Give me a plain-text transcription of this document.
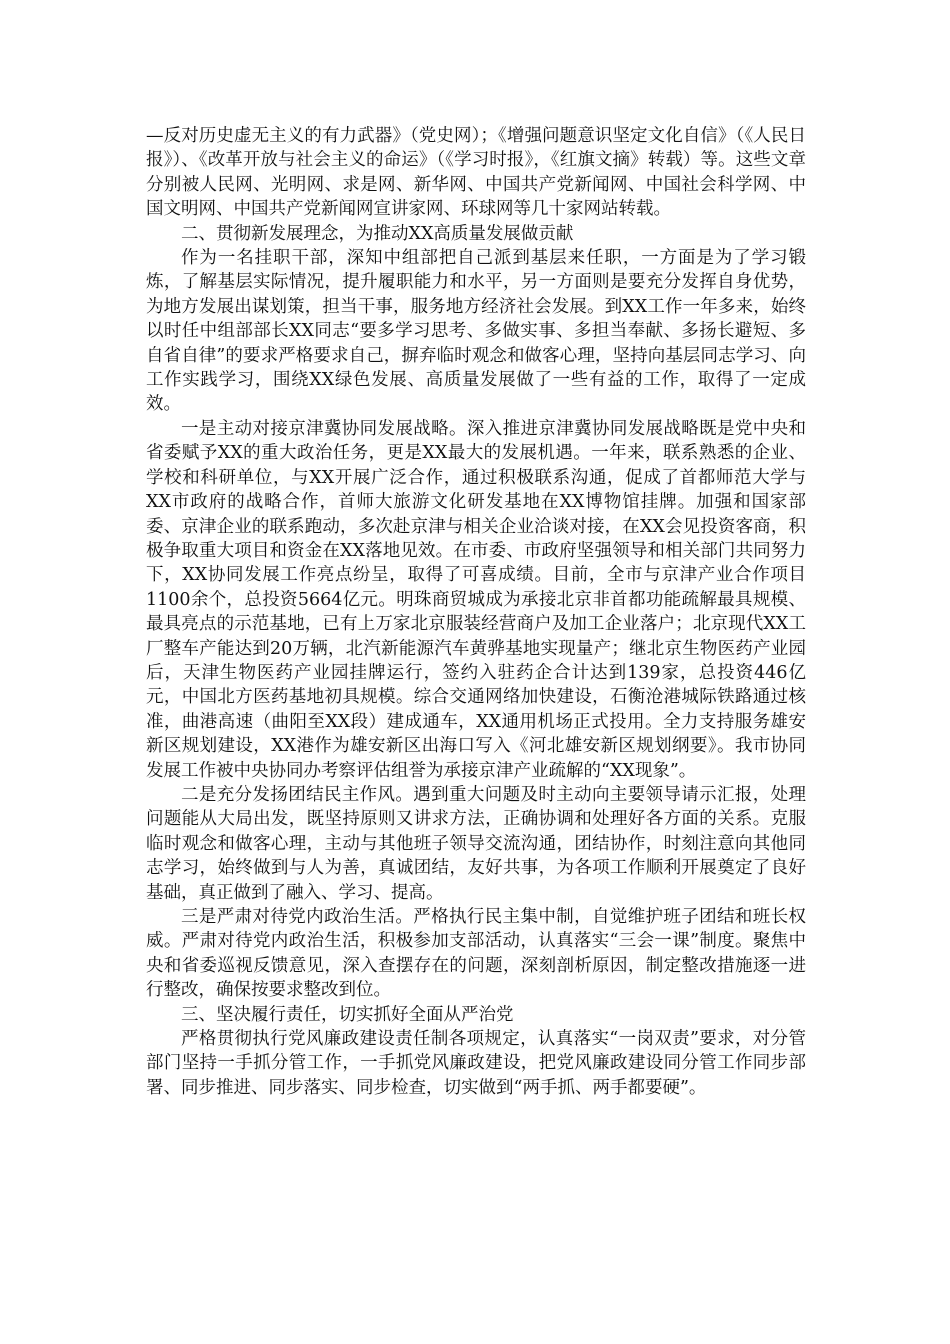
—反对历史虚无主义的有力武器》（党史网）；《增强问题意识坚定文化自信》（《人民日报》）、《改革开放与社会主义的命运》（《学习时报》，《红旗文摘》转载）等。这些文章分别被人民网、光明网、求是网、新华网、中国共产党新闻网、中国社会科学网、中国文明网、中国共产党新闻网宣讲家网、环球网等几十家网站转载。

二、贯彻新发展理念，为推动XX高质量发展做贡献

作为一名挂职干部，深知中组部把自己派到基层来任职，一方面是为了学习锻炼，了解基层实际情况，提升履职能力和水平，另一方面则是要充分发挥自身优势，为地方发展出谋划策，担当干事，服务地方经济社会发展。到XX工作一年多来，始终以时任中组部部长XX同志“要多学习思考、多做实事、多担当奉献、多扬长避短、多自省自律”的要求严格要求自己，摒弃临时观念和做客心理，坚持向基层同志学习、向工作实践学习，围绕XX绿色发展、高质量发展做了一些有益的工作，取得了一定成效。

一是主动对接京津冀协同发展战略。深入推进京津冀协同发展战略既是党中央和省委赋予XX的重大政治任务，更是XX最大的发展机遇。一年来，联系熟悉的企业、学校和科研单位，与XX开展广泛合作，通过积极联系沟通，促成了首都师范大学与XX市政府的战略合作，首师大旅游文化研发基地在XX博物馆挂牌。加强和国家部委、京津企业的联系跑动，多次赴京津与相关企业洽谈对接，在XX会见投资客商，积极争取重大项目和资金在XX落地见效。在市委、市政府坚强领导和相关部门共同努力下，XX协同发展工作亮点纷呈，取得了可喜成绩。目前，全市与京津产业合作项目1100余个，总投资5664亿元。明珠商贸城成为承接北京非首都功能疏解最具规模、最具亮点的示范基地，已有上万家北京服装经营商户及加工企业落户；北京现代XX工厂整车产能达到20万辆，北汽新能源汽车黄骅基地实现量产；继北京生物医药产业园后，天津生物医药产业园挂牌运行，签约入驻药企合计达到139家，总投资446亿元，中国北方医药基地初具规模。综合交通网络加快建设，石衡沧港城际铁路通过核准，曲港高速（曲阳至XX段）建成通车，XX通用机场正式投用。全力支持服务雄安新区规划建设，XX港作为雄安新区出海口写入《河北雄安新区规划纲要》。我市协同发展工作被中央协同办考察评估组誉为承接京津产业疏解的“XX现象”。

二是充分发扬团结民主作风。遇到重大问题及时主动向主要领导请示汇报，处理问题能从大局出发，既坚持原则又讲求方法，正确协调和处理好各方面的关系。克服临时观念和做客心理，主动与其他班子领导交流沟通，团结协作，时刻注意向其他同志学习，始终做到与人为善，真诚团结，友好共事，为各项工作顺利开展奠定了良好基础，真正做到了融入、学习、提高。

三是严肃对待党内政治生活。严格执行民主集中制，自觉维护班子团结和班长权威。严肃对待党内政治生活，积极参加支部活动，认真落实“三会一课”制度。聚焦中央和省委巡视反馈意见，深入查摆存在的问题，深刻剖析原因，制定整改措施逐一进行整改，确保按要求整改到位。

三、坚决履行责任，切实抓好全面从严治党

严格贯彻执行党风廉政建设责任制各项规定，认真落实“一岗双责”要求，对分管部门坚持一手抓分管工作，一手抓党风廉政建设，把党风廉政建设同分管工作同步部署、同步推进、同步落实、同步检查，切实做到“两手抓、两手都要硬”。
